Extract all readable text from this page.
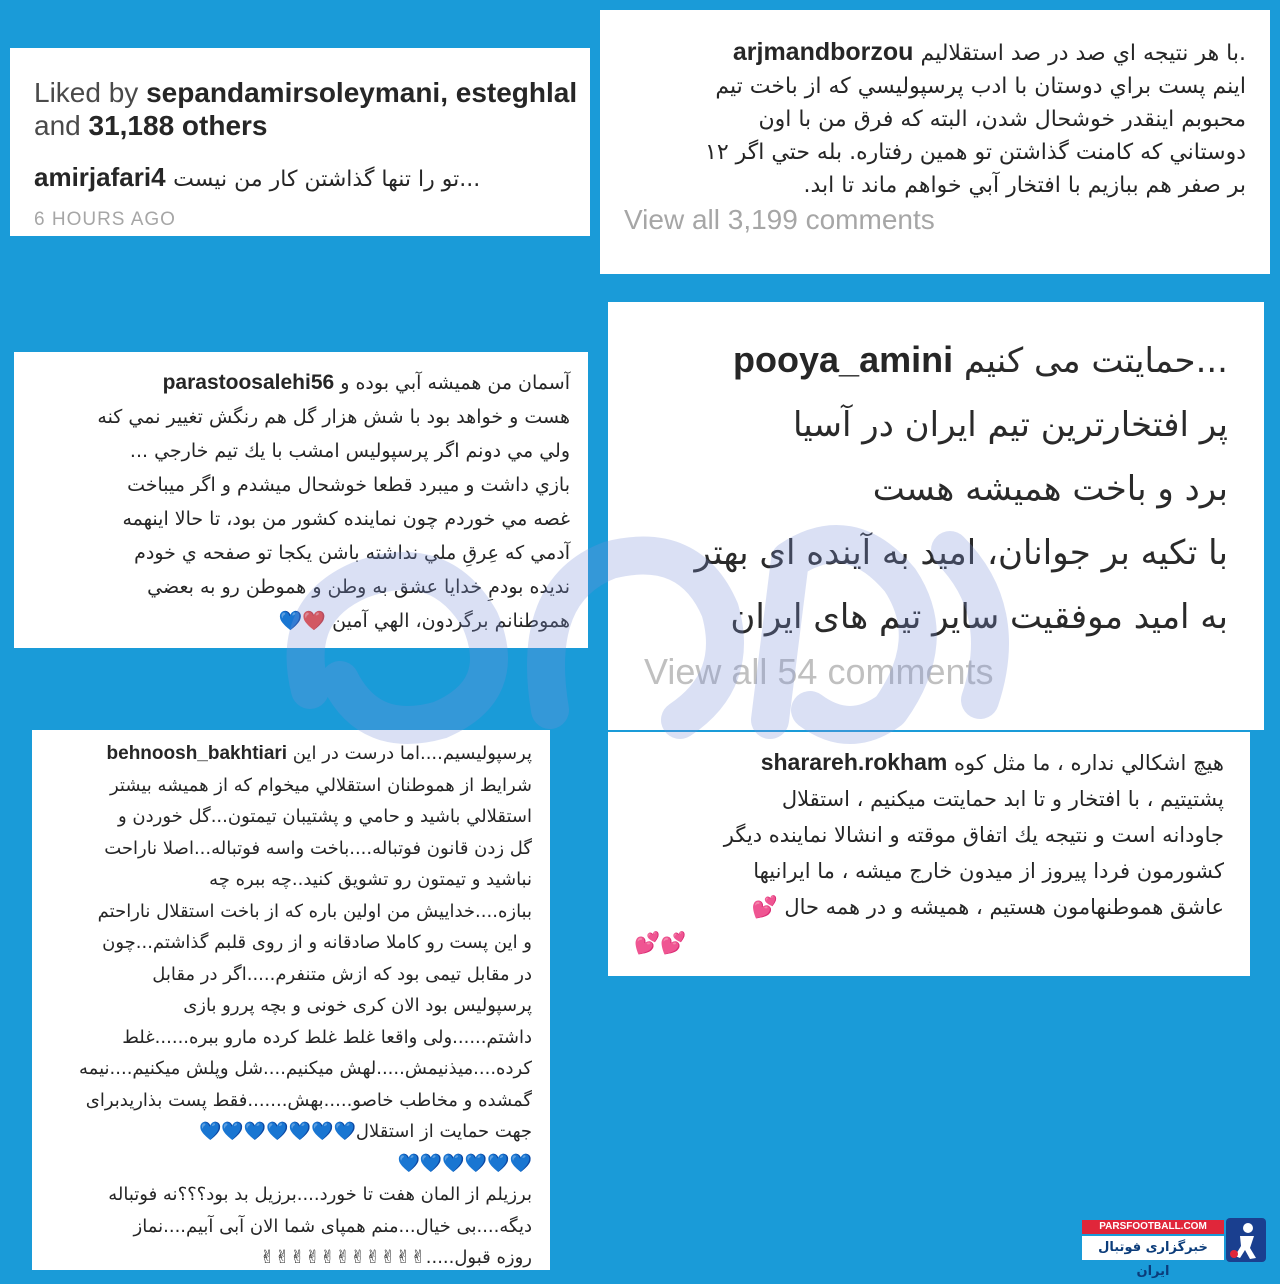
Liked by sepandamirsoleymani, esteghlal
and 31,188 others
amirjafari4 ...تو را تنها گذاشتن کار من نیست
6 HOURS AGO
arjmandborzou با هر نتيجه اي صد در صد استقلاليم.
اينم پست براي دوستان با ادب پرسپوليسي که از باخت تيم
محبوبم اينقدر خوشحال شدن، البته که فرق من با اون
دوستاني که کامنت گذاشتن تو همين رفتاره. بله حتي اگر ١٢
بر صفر هم ببازيم با افتخار آبي خواهم ماند تا ابد.
View all 3,199 comments
parastoosalehi56 آسمان من هميشه آبي بوده و
هست و خواهد بود با شش هزار گل هم رنگش تغيير نمي كنه
ولي مي دونم اگر پرسپوليس امشب با يك تيم خارجي ...
بازي داشت و ميبرد قطعا خوشحال ميشدم و اگر ميباخت
غصه مي خوردم چون نماينده كشور من بود، تا حالا اينهمه
آدمي كه عِرقِ ملي نداشته باشن يكجا تو صفحه ي خودم
نديده بودمِ خدايا عشق به وطن و هموطن رو به بعضي
هموطنانم برگردون، الهي آمين ❤️💙
pooya_amini حمایتت می کنیم...
پر افتخارترین تیم ایران در آسیا
برد و باخت همیشه هست
با تکیه بر جوانان، امید به آینده ای بهتر
به امید موفقیت سایر تیم های ایران
View all 54 comments
behnoosh_bakhtiari پرسپوليسيم....اما درست در اين
شرايط از هموطنان استقلالي ميخوام كه از هميشه بيشتر
استقلالي باشيد و حامي و پشتيبان تيمتون...گل خوردن و
گل زدن قانون فوتباله....باخت واسه فوتباله...اصلا ناراحت
نباشيد و تيمتون رو تشويق كنيد..چه ببره چه
ببازه....خداييش من اولين باره كه از باخت استقلال ناراحتم
و اين پست رو كاملا صادقانه و از روى قلبم گذاشتم...چون
در مقابل تيمى بود كه ازش متنفرم.....اگر در مقابل
پرسپوليس بود الان كرى خونى و بچه پررو بازى
داشتم......ولى واقعا غلط غلط كرده مارو ببره......غلط
كرده....ميذنيمش.....لهش ميكنيم....شل وپلش ميكنيم....نيمه
گمشده و مخاطب خاصو.....بهش.......فقط پست بذاريدبراى
جهت حمايت از استقلال💙💙💙💙💙💙💙
💙💙💙💙💙💙
برزيلم از المان هفت تا خورد....برزيل بد بود؟؟؟نه فوتباله
ديگه....بى خيال...منم همپاى شما الان آبى آبيم....نماز
روزه قبول.....✌✌✌✌✌✌✌✌✌✌✌
sharareh.rokham هيچ اشكالي نداره ، ما مثل كوه
پشتيتيم ، با افتخار و تا ابد حمايتت ميكنيم ، استقلال
جاودانه است و نتيجه يك اتفاق موقته و انشالا نماينده ديگر
كشورمون فردا پيروز از ميدون خارج ميشه ، ما ايرانيها
عاشق هموطنهامون هستيم ، هميشه و در همه حال 💕
💕💕
PARSFOOTBALL.COM
خبرگزاری فوتبال ایران
